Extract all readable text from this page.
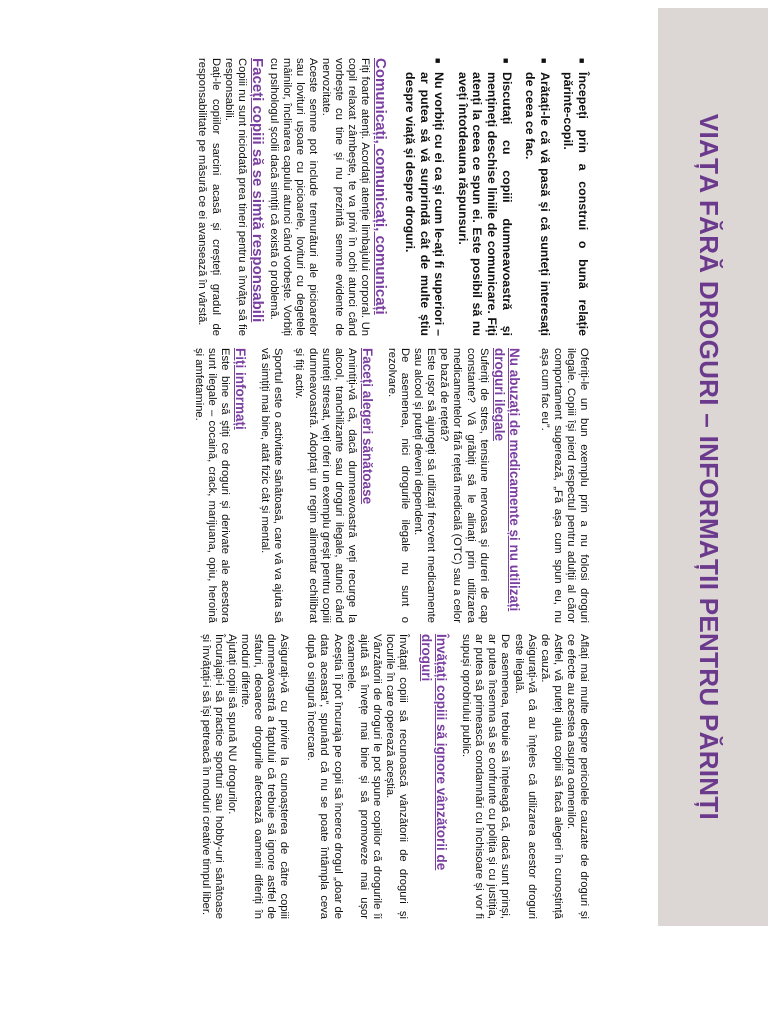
VIAȚA FĂRĂ DROGURI – INFORMAȚII PENTRU PĂRINȚI
■
Începeți prin a construi o bună relație părinte-copil.
■
Arătați-le că vă pasă și că sunteți interesați de ceea ce fac.
■
Discutați cu copiii dumneavoastră și mențineți deschise liniile de comunicare. Fiți atenți la ceea ce spun ei. Este posibil să nu aveți întotdeauna răspunsuri.
■
Nu vorbiți cu ei ca și cum le-ați fi superiori – ar putea să vă surprindă cât de multe știu despre viață și despre droguri.
Comunicați, comunicați, comunicați

Fiți foarte atenți. Acordați atenție limbajului corporal. Un copil relaxat zâmbește, te va privi în ochi atunci când vorbește cu tine și nu prezintă semne evidente de nervozitate.

Aceste semne pot include tremurături ale picioarelor sau lovituri ușoare cu picioarele, lovituri cu degetele mâinilor, înclinarea capului atunci când vorbește. Vorbiți cu psihologul școlii dacă simțiți că există o problemă.

Faceți copiii să se simtă responsabili

Copiii nu sunt niciodată prea tineri pentru a învăța să fie responsabili.

Dați-le copiilor sarcini acasă și creșteți gradul de responsabilitate pe măsură ce ei avansează în vârstă.

Oferiți-le un bun exemplu prin a nu folosi droguri ilegale. Copiii își pierd respectul pentru adulții al căror comportament sugerează, „Fă așa cum spun eu, nu așa cum fac eu”.

Nu abuzați de medicamente și nu utilizați droguri ilegale

Suferiți de stres, tensiune nervoasa și dureri de cap constante? Vă grăbiți să le alinați prin utilizarea medicamentelor fără rețetă medicală (OTC) sau a celor pe bază de rețetă?

Este ușor să ajungeți să utilizați frecvent medicamente sau alcool și puteți deveni dependent.

De asemenea, nici drogurile ilegale nu sunt o rezolvare.

Faceți alegeri sănătoase

Amintiți-vă că, dacă dumneavoastră veți recurge la alcool, tranchilizante sau droguri ilegale, atunci când sunteți stresat, veți oferi un exemplu greșit pentru copiii dumneavoastră. Adoptați un regim alimentar echilibrat și fiți activ.

Sportul este o activitate sănătoasă, care vă va ajuta să vă simțiți mai bine, atât fizic cât și mental.

Fiți informați

Este bine să știți ce droguri și derivate ale acestora sunt ilegale – cocaină, crack, marijuana, opiu, heroină și amfetamine.

Aflați mai multe despre pericolele cauzate de droguri și ce efecte au acestea asupra oamenilor.

Astfel, vă puteți ajuta copiii să facă alegeri în cunoștință de cauză.

Asigurați-vă că au înțeles că utilizarea acestor droguri este ilegală.

De asemenea, trebuie să înțeleagă că, dacă sunt prinși, ar putea însemna să se confrunte cu poliția și cu justiția, ar putea să primească condamnări cu închisoare și vor fi supuși oprobriului public.

Învățați copiii să ignore vânzătorii de droguri

Învățați copiii să recunoască vânzătorii de droguri și locurile în care operează aceștia.

Vânzătorii de droguri le pot spune copiilor că drogurile îi ajută să învețe mai bine și să promoveze mai ușor examenele.

Aceștia îi pot încuraja pe copii să încerce drogul „doar de data aceasta”, spunând că nu se poate întâmpla ceva după o singură încercare.

Asigurați-vă cu privire la cunoașterea de către copiii dumneavoastră a faptului că trebuie să ignore astfel de sfaturi, deoarece drogurile afectează oamenii diferiți în moduri diferite.

Ajutați copiii să spună NU drogurilor.

Încurajați-i să practice sporturi sau hobby-uri sănătoase și învățați-i să își petreacă în moduri creative timpul liber.
